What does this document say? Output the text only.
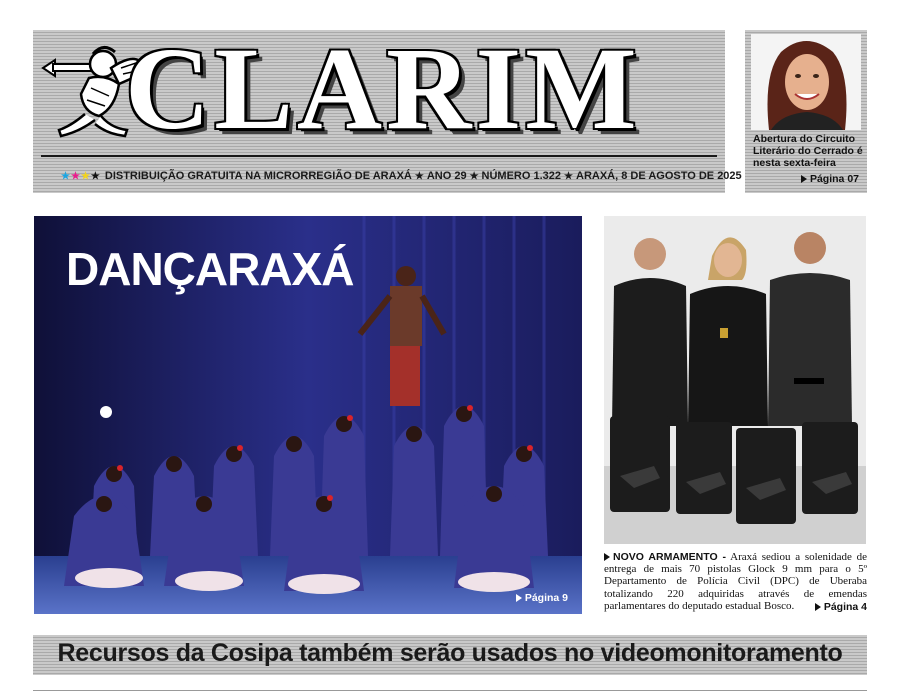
CLARIM
★ ★ ★ ★ DISTRIBUIÇÃO GRATUITA NA MICRORREGIÃO DE ARAXÁ ★ ANO 29 ★ NÚMERO 1.322 ★ ARAXÁ, 8 DE AGOSTO DE 2025
Abertura do Circuito Literário do Cerrado é nesta sexta-feira
Página 07
DANÇARAXÁ
Página 9
NOVO ARMAMENTO - Araxá sediou a solenidade de entrega de mais 70 pistolas Glock 9 mm para o 5º Departamento de Polícia Civil (DPC) de Uberaba totalizando 220 adquiridas através de emendas parlamentares do deputado estadual Bosco.	Página 4
Recursos da Cosipa também serão usados no videomonitoramento
